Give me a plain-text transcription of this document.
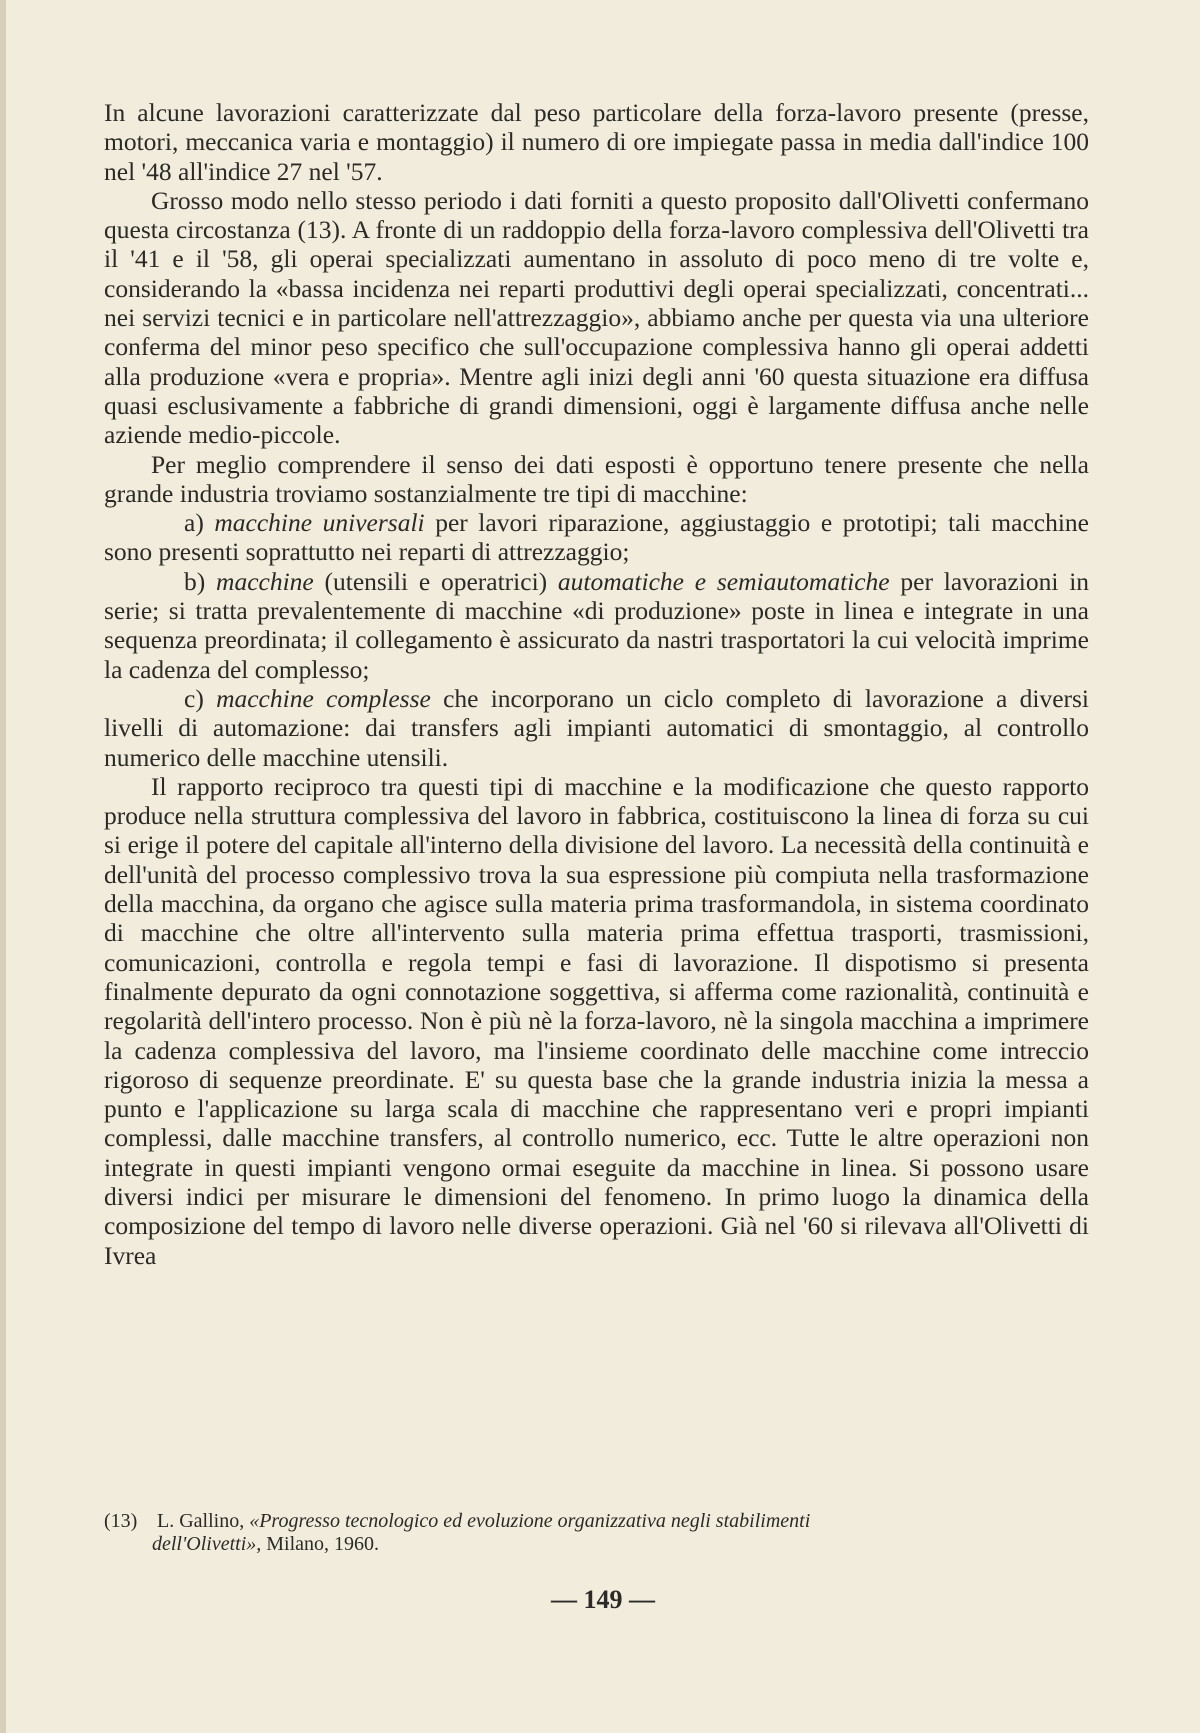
In alcune lavorazioni caratterizzate dal peso particolare della forza-lavoro presente (presse, motori, meccanica varia e montaggio) il numero di ore impiegate passa in media dall'indice 100 nel '48 all'indice 27 nel '57.

Grosso modo nello stesso periodo i dati forniti a questo proposito dall'Olivetti confermano questa circostanza (13). A fronte di un raddoppio della forza-lavoro complessiva dell'Olivetti tra il '41 e il '58, gli operai specializzati aumentano in assoluto di poco meno di tre volte e, considerando la «bassa incidenza nei reparti produttivi degli operai specializzati, concentrati... nei servizi tecnici e in particolare nell'attrezzaggio», abbiamo anche per questa via una ulteriore conferma del minor peso specifico che sull'occupazione complessiva hanno gli operai addetti alla produzione «vera e propria». Mentre agli inizi degli anni '60 questa situazione era diffusa quasi esclusivamente a fabbriche di grandi dimensioni, oggi è largamente diffusa anche nelle aziende medio-piccole.

Per meglio comprendere il senso dei dati esposti è opportuno tenere presente che nella grande industria troviamo sostanzialmente tre tipi di macchine:

a) macchine universali per lavori riparazione, aggiustaggio e prototipi; tali macchine sono presenti soprattutto nei reparti di attrezzaggio;

b) macchine (utensili e operatrici) automatiche e semiautomatiche per lavorazioni in serie; si tratta prevalentemente di macchine «di produzione» poste in linea e integrate in una sequenza preordinata; il collegamento è assicurato da nastri trasportatori la cui velocità imprime la cadenza del complesso;

c) macchine complesse che incorporano un ciclo completo di lavorazione a diversi livelli di automazione: dai transfers agli impianti automatici di smontaggio, al controllo numerico delle macchine utensili.

Il rapporto reciproco tra questi tipi di macchine e la modificazione che questo rapporto produce nella struttura complessiva del lavoro in fabbrica, costituiscono la linea di forza su cui si erige il potere del capitale all'interno della divisione del lavoro. La necessità della continuità e dell'unità del processo complessivo trova la sua espressione più compiuta nella trasformazione della macchina, da organo che agisce sulla materia prima trasformandola, in sistema coordinato di macchine che oltre all'intervento sulla materia prima effettua trasporti, trasmissioni, comunicazioni, controlla e regola tempi e fasi di lavorazione. Il dispotismo si presenta finalmente depurato da ogni connotazione soggettiva, si afferma come razionalità, continuità e regolarità dell'intero processo. Non è più nè la forza-lavoro, nè la singola macchina a imprimere la cadenza complessiva del lavoro, ma l'insieme coordinato delle macchine come intreccio rigoroso di sequenze preordinate. E' su questa base che la grande industria inizia la messa a punto e l'applicazione su larga scala di macchine che rappresentano veri e propri impianti complessi, dalle macchine transfers, al controllo numerico, ecc. Tutte le altre operazioni non integrate in questi impianti vengono ormai eseguite da macchine in linea. Si possono usare diversi indici per misurare le dimensioni del fenomeno. In primo luogo la dinamica della composizione del tempo di lavoro nelle diverse operazioni. Già nel '60 si rilevava all'Olivetti di Ivrea

(13) L. Gallino, «Progresso tecnologico ed evoluzione organizzativa negli stabilimenti
dell'Olivetti», Milano, 1960.
— 149 —
